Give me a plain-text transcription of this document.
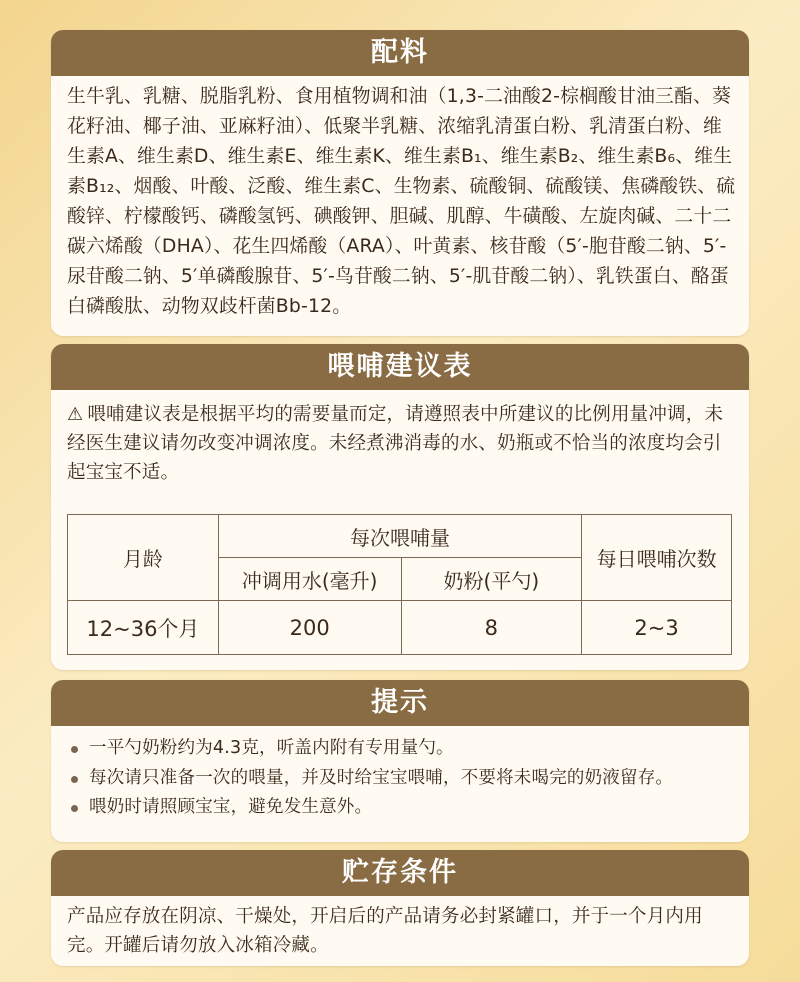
配料
生牛乳、乳糖、脱脂乳粉、食用植物调和油（1,3-二油酸2-棕榈酸甘油三酯、葵花籽油、椰子油、亚麻籽油）、低聚半乳糖、浓缩乳清蛋白粉、乳清蛋白粉、维生素A、维生素D、维生素E、维生素K、维生素B₁、维生素B₂、维生素B₆、维生素B₁₂、烟酸、叶酸、泛酸、维生素C、生物素、硫酸铜、硫酸镁、焦磷酸铁、硫酸锌、柠檬酸钙、磷酸氢钙、碘酸钾、胆碱、肌醇、牛磺酸、左旋肉碱、二十二碳六烯酸（DHA）、花生四烯酸（ARA）、叶黄素、核苷酸（5′-胞苷酸二钠、5′-尿苷酸二钠、5′单磷酸腺苷、5′-鸟苷酸二钠、5′-肌苷酸二钠）、乳铁蛋白、酪蛋白磷酸肽、动物双歧杆菌Bb-12。
喂哺建议表
⚠ 喂哺建议表是根据平均的需要量而定，请遵照表中所建议的比例用量冲调，未经医生建议请勿改变冲调浓度。未经煮沸消毒的水、奶瓶或不恰当的浓度均会引起宝宝不适。
月龄	每次喂哺量		每日喂哺次数
	冲调用水(毫升)	奶粉(平勺)	
12~36个月	200	8	2~3
提示
一平勺奶粉约为4.3克，听盖内附有专用量勺。
每次请只准备一次的喂量，并及时给宝宝喂哺，不要将未喝完的奶液留存。
喂奶时请照顾宝宝，避免发生意外。
贮存条件
产品应存放在阴凉、干燥处，开启后的产品请务必封紧罐口，并于一个月内用完。开罐后请勿放入冰箱冷藏。
